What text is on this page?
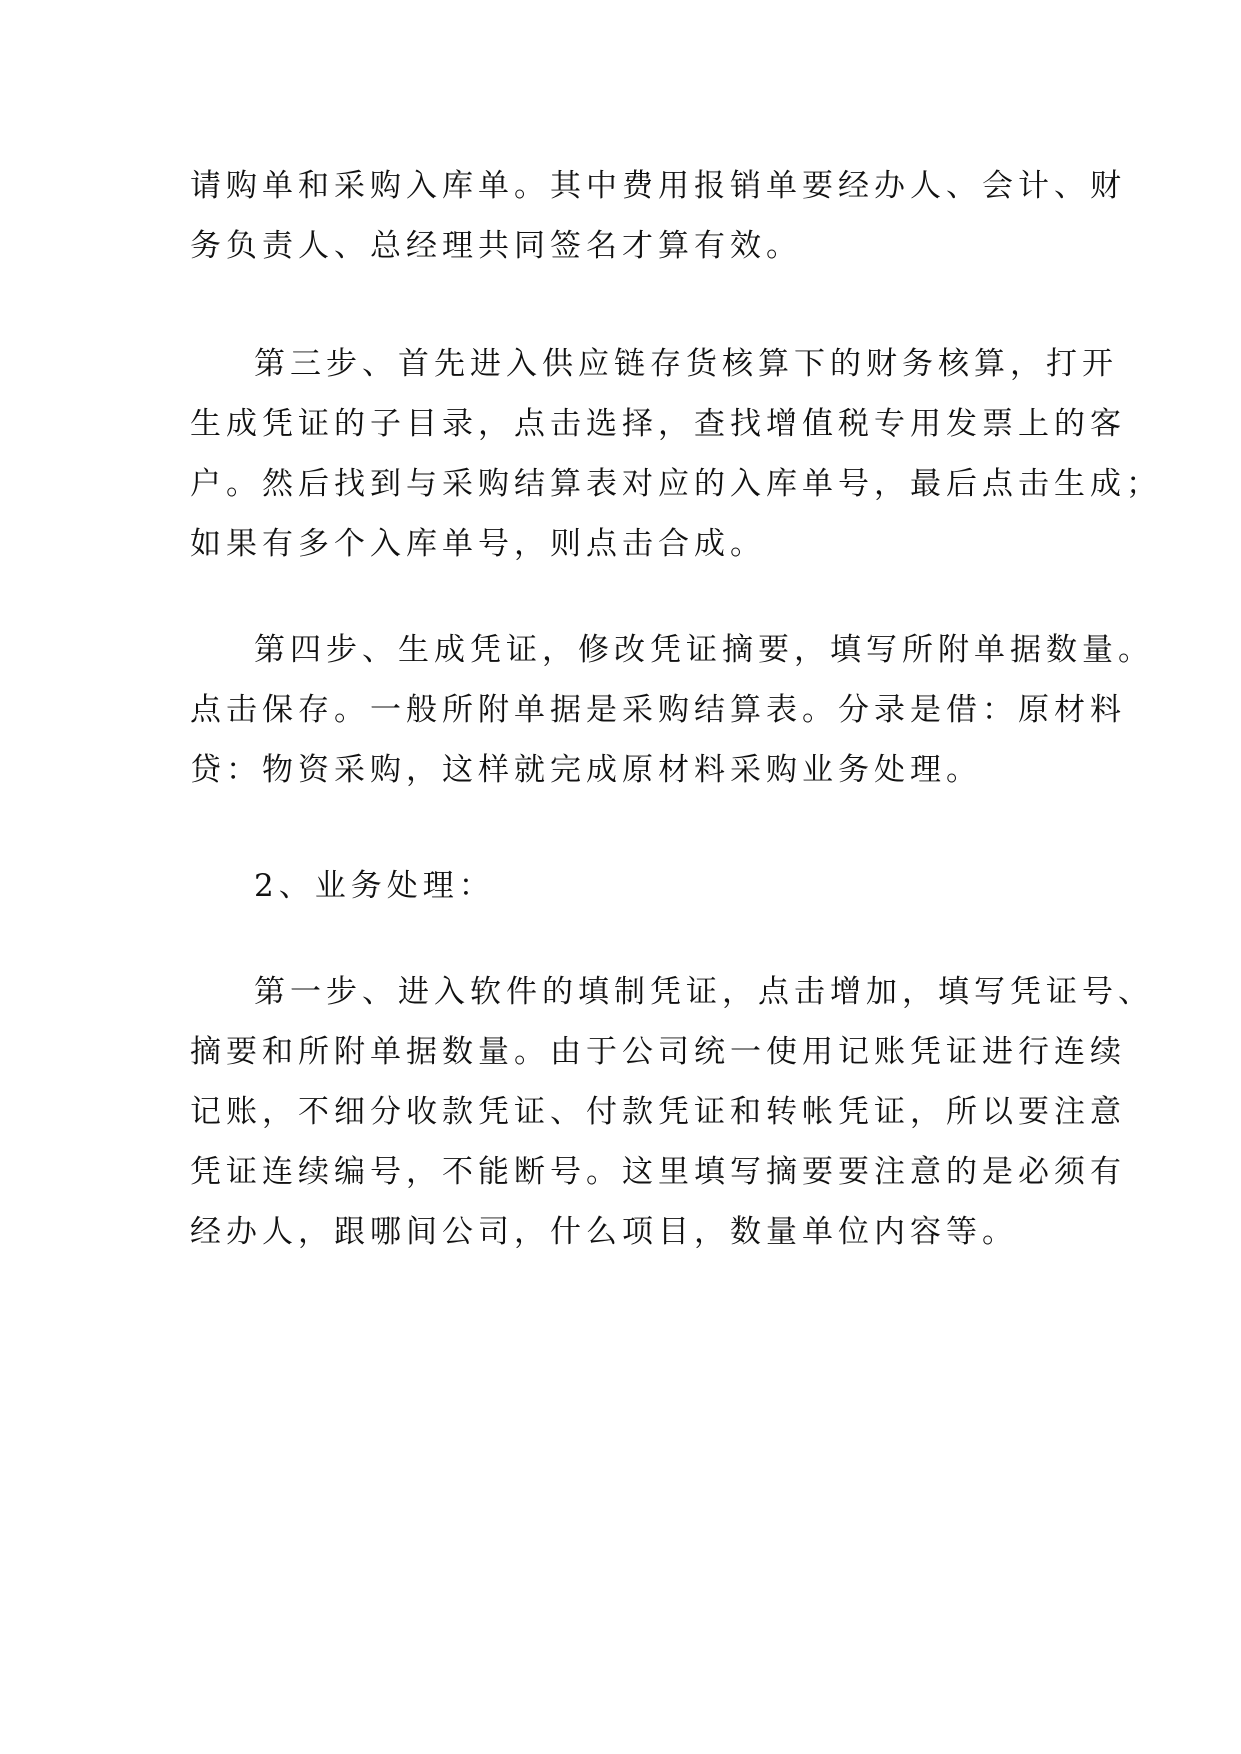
请购单和采购入库单。其中费用报销单要经办人、会计、财
务负责人、总经理共同签名才算有效。
第三步、首先进入供应链存货核算下的财务核算，打开
生成凭证的子目录，点击选择，查找增值税专用发票上的客
户。然后找到与采购结算表对应的入库单号，最后点击生成；
如果有多个入库单号，则点击合成。
第四步、生成凭证，修改凭证摘要，填写所附单据数量。
点击保存。一般所附单据是采购结算表。分录是借：原材料
贷：物资采购，这样就完成原材料采购业务处理。
2、业务处理：
第一步、进入软件的填制凭证，点击增加，填写凭证号、
摘要和所附单据数量。由于公司统一使用记账凭证进行连续
记账，不细分收款凭证、付款凭证和转帐凭证，所以要注意
凭证连续编号，不能断号。这里填写摘要要注意的是必须有
经办人，跟哪间公司，什么项目，数量单位内容等。
